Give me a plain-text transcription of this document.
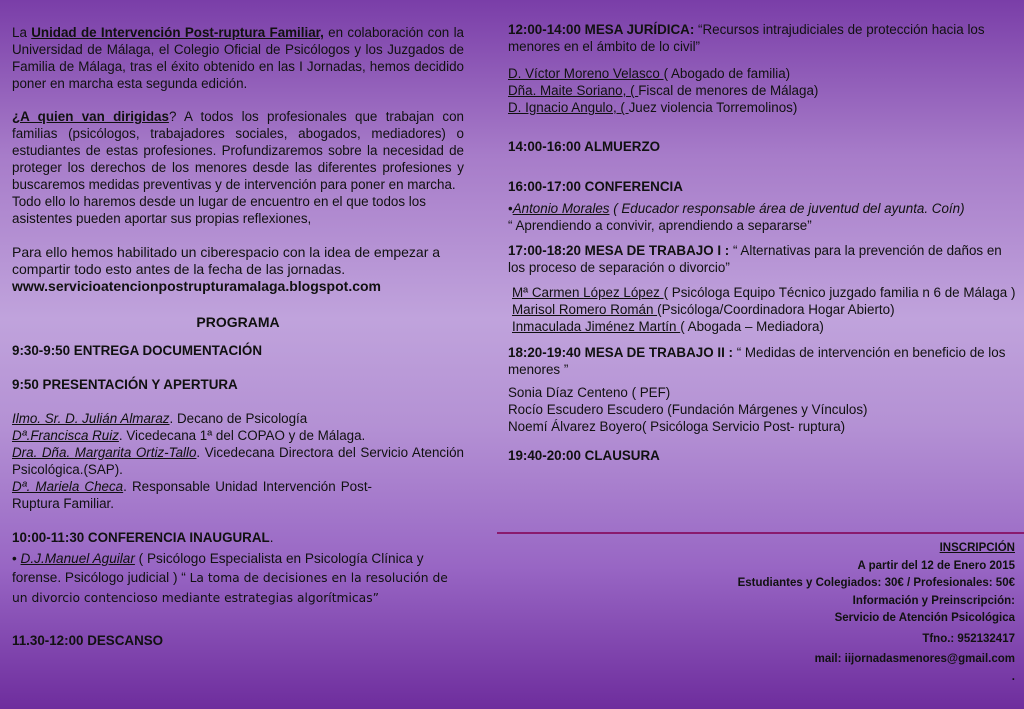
La Unidad de Intervención Post-ruptura Familiar, en colaboración con la Universidad de Málaga, el Colegio Oficial de Psicólogos y los Juzgados de Familia de Málaga, tras el éxito obtenido en las I Jornadas, hemos decidido poner en marcha esta segunda edición.

¿A quien van dirigidas? A todos los profesionales que trabajan con familias (psicólogos, trabajadores sociales, abogados, mediadores) o estudiantes de estas profesiones. Profundizaremos sobre la necesidad de proteger los derechos de los menores desde las diferentes profesiones y buscaremos medidas preventivas y de intervención para poner en marcha.

Todo ello lo haremos desde un lugar de encuentro en el que todos los asistentes pueden aportar sus propias reflexiones,

Para ello hemos habilitado un ciberespacio con la idea de empezar a compartir todo esto antes de la fecha de las jornadas.
www.servicioatencionpostrupturamalaga.blogspot.com

PROGRAMA

9:30-9:50 ENTREGA DOCUMENTACIÓN

9:50 PRESENTACIÓN Y APERTURA

Ilmo. Sr. D. Julián Almaraz. Decano de Psicología

Dª.Francisca Ruiz. Vicedecana 1ª del COPAO y de Málaga.

Dra. Dña. Margarita Ortiz-Tallo. Vicedecana Directora del Servicio Atención Psicológica.(SAP).

Dª. Mariela Checa. Responsable Unidad Intervención Post-Ruptura Familiar.

10:00-11:30 CONFERENCIA INAUGURAL.

• D.J.Manuel Aguilar ( Psicólogo Especialista en Psicología Clínica y forense. Psicólogo judicial ) “ La toma de decisiones en la resolución de un divorcio contencioso mediante estrategias algorítmicas”

11.30-12:00 DESCANSO

12:00-14:00 MESA JURÍDICA: “Recursos intrajudiciales de protección hacia los menores en el ámbito de lo civil”

D. Víctor Moreno Velasco ( Abogado de familia)

Dña. Maite Soriano, ( Fiscal de menores de Málaga)

D. Ignacio Angulo, ( Juez violencia Torremolinos)

14:00-16:00 ALMUERZO

16:00-17:00 CONFERENCIA

•Antonio Morales ( Educador responsable área de juventud del ayunta. Coín)

“ Aprendiendo a convivir, aprendiendo a separarse”

17:00-18:20 MESA DE TRABAJO I : “ Alternativas para la prevención de daños en los proceso de separación o divorcio”

Mª Carmen López López ( Psicóloga Equipo Técnico juzgado familia n 6 de Málaga )

Marisol Romero Román (Psicóloga/Coordinadora Hogar Abierto)

Inmaculada Jiménez Martín ( Abogada – Mediadora)

18:20-19:40 MESA DE TRABAJO II : “ Medidas de intervención en beneficio de los menores ”

Sonia Díaz Centeno ( PEF)

Rocío Escudero Escudero (Fundación Márgenes y Vínculos)

Noemí Álvarez Boyero( Psicóloga Servicio Post- ruptura)

19:40-20:00 CLAUSURA

INSCRIPCIÓN
A partir del 12 de Enero 2015
Estudiantes y Colegiados: 30€ / Profesionales: 50€
Información y Preinscripción:
Servicio de Atención Psicológica
Tfno.: 952132417
mail: iijornadasmenores@gmail.com
.
